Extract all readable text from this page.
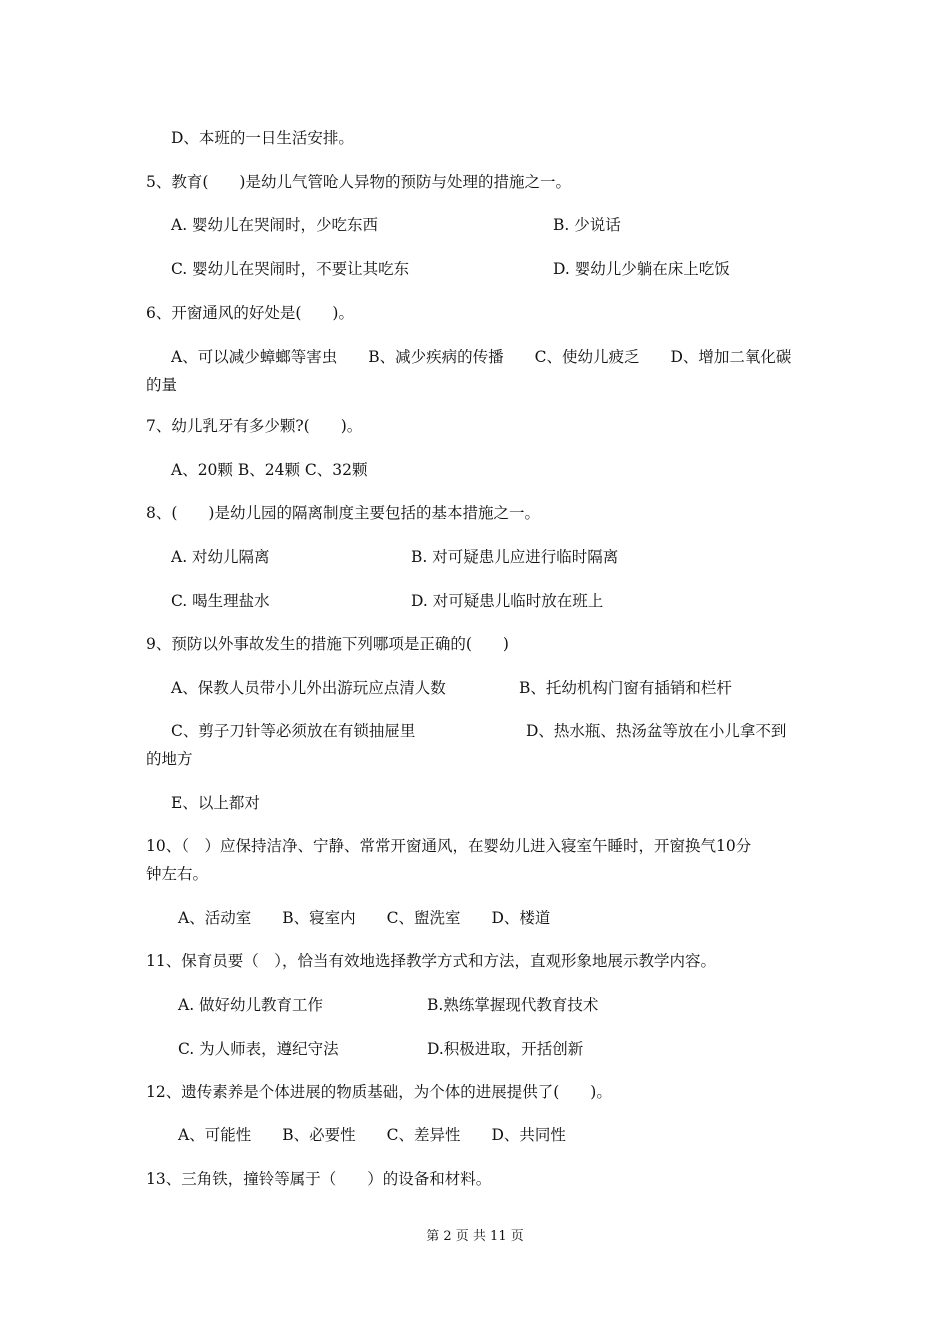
D、本班的一日生活安排。
5、教育(　　)是幼儿气管呛人异物的预防与处理的措施之一。
A. 婴幼儿在哭闹时，少吃东西	B. 少说话
C. 婴幼儿在哭闹时，不要让其吃东	D. 婴幼儿少躺在床上吃饭
6、开窗通风的好处是(　　)。
A、可以减少蟑螂等害虫　　B、减少疾病的传播　　C、使幼儿疲乏　　D、增加二氧化碳
的量
7、幼儿乳牙有多少颗?(　　)。
A、20颗 B、24颗 C、32颗
8、(　　)是幼儿园的隔离制度主要包括的基本措施之一。
A. 对幼儿隔离	B. 对可疑患儿应进行临时隔离
C. 喝生理盐水	D. 对可疑患儿临时放在班上
9、预防以外事故发生的措施下列哪项是正确的(　　)
A、保教人员带小儿外出游玩应点清人数	B、托幼机构门窗有插销和栏杆
C、剪子刀针等必须放在有锁抽屉里	D、热水瓶、热汤盆等放在小儿拿不到
的地方
E、以上都对
10、（　）应保持洁净、宁静、常常开窗通风，在婴幼儿进入寝室午睡时，开窗换气10分
钟左右。
A、活动室　　B、寝室内　　C、盥洗室　　D、楼道
11、保育员要（　），恰当有效地选择教学方式和方法，直观形象地展示教学内容。
A. 做好幼儿教育工作	B.熟练掌握现代教育技术
C. 为人师表，遵纪守法	D.积极进取，开括创新
12、遗传素养是个体进展的物质基础，为个体的进展提供了(　　)。
A、可能性　　B、必要性　　C、差异性　　D、共同性
13、三角铁，撞铃等属于（　　）的设备和材料。
第 2 页 共 11 页
